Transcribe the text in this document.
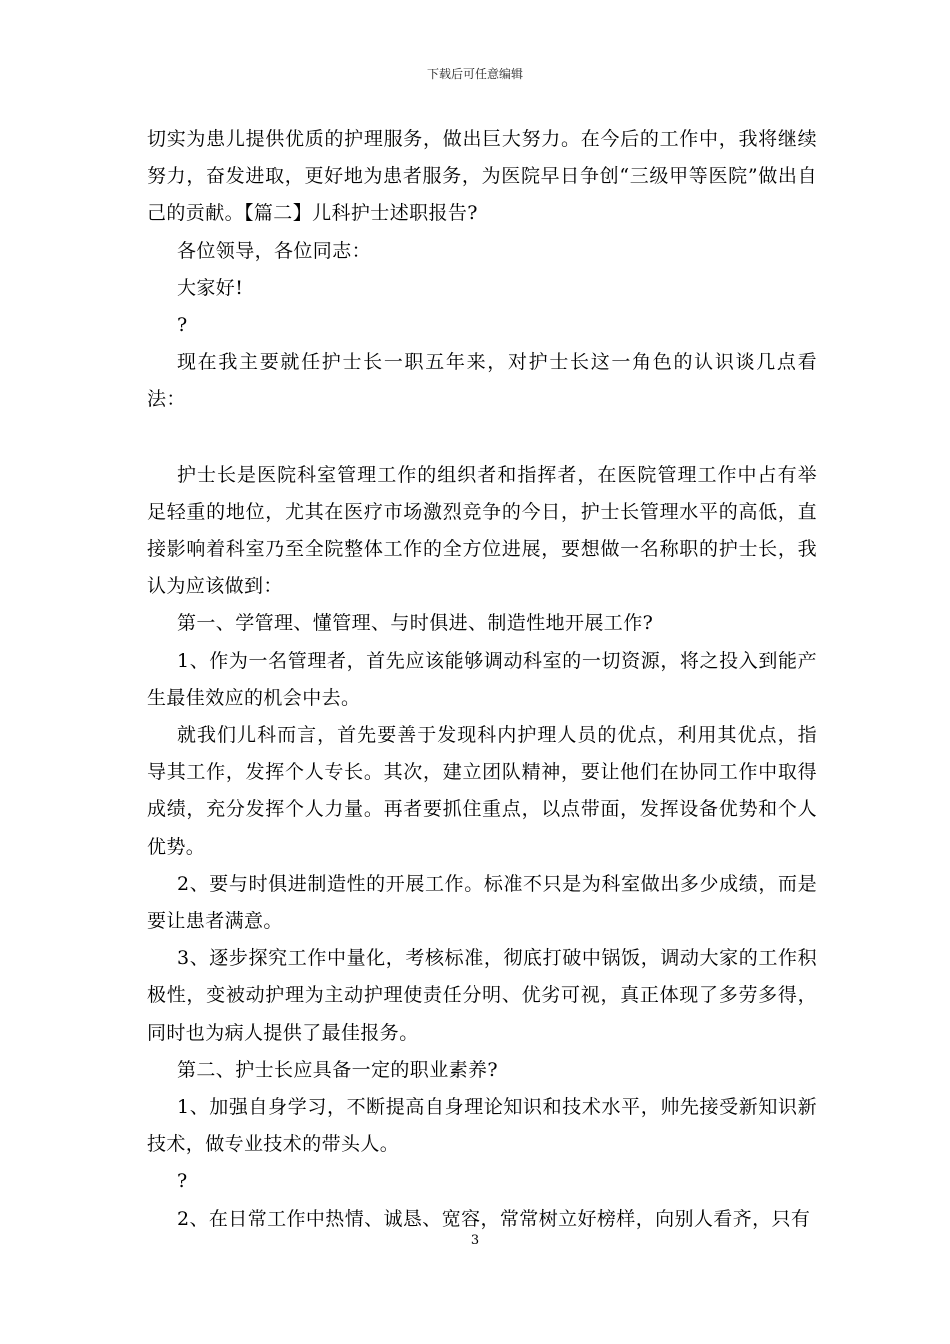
下载后可任意编辑

切实为患儿提供优质的护理服务，做出巨大努力。在今后的工作中，我将继续努力，奋发进取，更好地为患者服务，为医院早日争创“三级甲等医院”做出自己的贡献。【篇二】儿科护士述职报告?

各位领导，各位同志：

大家好!

?

现在我主要就任护士长一职五年来，对护士长这一角色的认识谈几点看法：

护士长是医院科室管理工作的组织者和指挥者，在医院管理工作中占有举足轻重的地位，尤其在医疗市场激烈竞争的今日，护士长管理水平的高低，直接影响着科室乃至全院整体工作的全方位进展，要想做一名称职的护士长，我认为应该做到：

第一、学管理、懂管理、与时俱进、制造性地开展工作?

1、作为一名管理者，首先应该能够调动科室的一切资源，将之投入到能产生最佳效应的机会中去。

就我们儿科而言，首先要善于发现科内护理人员的优点，利用其优点，指导其工作，发挥个人专长。其次，建立团队精神，要让他们在协同工作中取得成绩，充分发挥个人力量。再者要抓住重点，以点带面，发挥设备优势和个人优势。

2、要与时俱进制造性的开展工作。标准不只是为科室做出多少成绩，而是要让患者满意。

3、逐步探究工作中量化，考核标准，彻底打破中锅饭，调动大家的工作积极性，变被动护理为主动护理使责任分明、优劣可视，真正体现了多劳多得，同时也为病人提供了最佳报务。

第二、护士长应具备一定的职业素养?

1、加强自身学习，不断提高自身理论知识和技术水平，帅先接受新知识新技术，做专业技术的带头人。

?

2、在日常工作中热情、诚恳、宽容，常常树立好榜样，向别人看齐，只有

3
